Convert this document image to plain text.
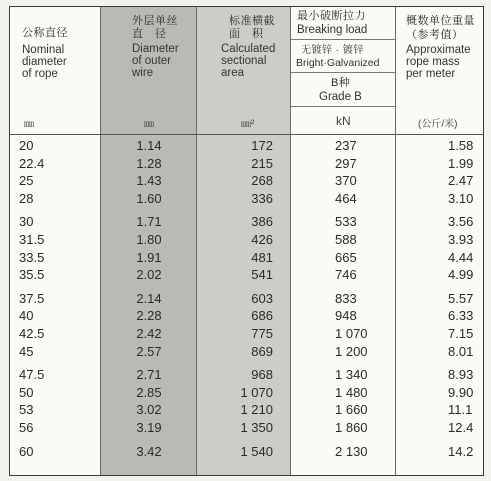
公称直径
Nominal
diameter
of rope
㎜
外层单丝
直　径
Diameter
of outer
wire
㎜
标准横截
面　积
Calculated
sectional
area
㎜²
最小破断拉力
Breaking load
无镀锌 · 镀锌
Bright·Galvanized
B种
Grade B
kN
概数单位重量
（参考值）
Approximate
rope mass
per meter
(公斤/米)
20
22.4
25
28
30
31.5
33.5
35.5
37.5
40
42.5
45
47.5
50
53
56
60
1.14
1.28
1.43
1.60
1.71
1.80
1.91
2.02
2.14
2.28
2.42
2.57
2.71
2.85
3.02
3.19
3.42
172
215
268
336
386
426
481
541
603
686
775
869
968
1 070
1 210
1 350
1 540
237
297
370
464
533
588
665
746
833
948
1 070
1 200
1 340
1 480
1 660
1 860
2 130
1.58
1.99
2.47
3.10
3.56
3.93
4.44
4.99
5.57
6.33
7.15
8.01
8.93
9.90
11.1
12.4
14.2
